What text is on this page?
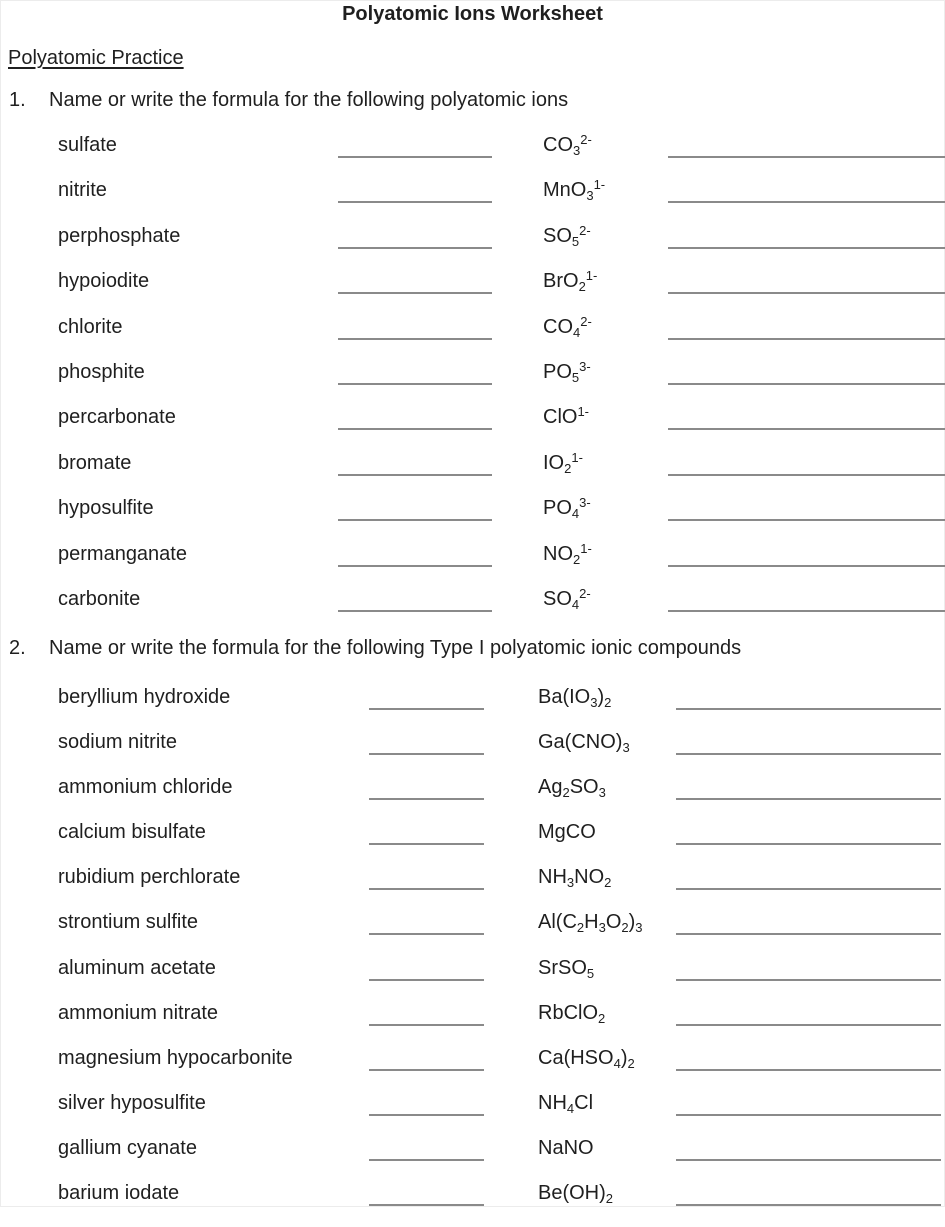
Polyatomic Ions Worksheet
Polyatomic Practice
1. Name or write the formula for the following polyatomic ions
sulfate	$CO_3^{2-}$
nitrite	MnO$_3^{1-}$
perphosphate	$SO_5^{2-}$
hypoiodite	BrO$_2^{1-}$
chlorite	$CO_4^{2-}$
phosphite	$PO_5^{3-}$
percarbonate	ClO$^{1-}$
bromate	$IO_2^{1-}$
hyposulfite	$PO_4^{3-}$
permanganate	$NO_2^{1-}$
carbonite	$SO_4^{2-}$
2. Name or write the formula for the following Type I polyatomic ionic compounds
beryllium hydroxide	$Ba(IO_3)_2$
sodium nitrite	$Ga(CNO)_3$
ammonium chloride	$Ag_2SO_3$
calcium bisulfate	MgCO
rubidium perchlorate	$NH_3NO_2$
strontium sulfite	$Al(C_2H_3O_2)_3$
aluminum acetate	SrSO$_5$
ammonium nitrate	RbClO$_2$
magnesium hypocarbonite	$Ca(HSO_4)_2$
silver hyposulfite	$NH_4Cl$
gallium cyanate	NaNO
barium iodate	$Be(OH)_2$
